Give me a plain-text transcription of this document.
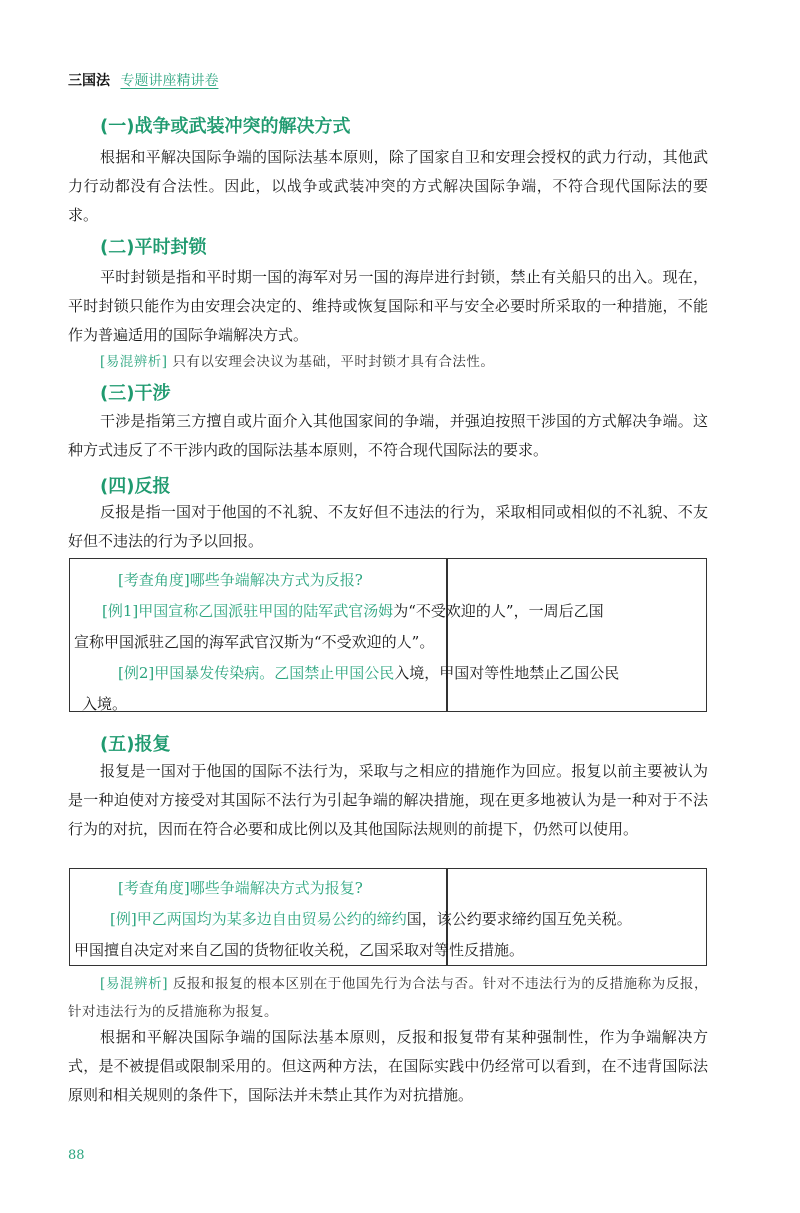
三国法 专题讲座精讲卷
(一)战争或武装冲突的解决方式

根据和平解决国际争端的国际法基本原则，除了国家自卫和安理会授权的武力行动，其他武力行动都没有合法性。因此，以战争或武装冲突的方式解决国际争端，不符合现代国际法的要求。

(二)平时封锁

平时封锁是指和平时期一国的海军对另一国的海岸进行封锁，禁止有关船只的出入。现在，平时封锁只能作为由安理会决定的、维持或恢复国际和平与安全必要时所采取的一种措施，不能作为普遍适用的国际争端解决方式。

[易混辨析] 只有以安理会决议为基础，平时封锁才具有合法性。

(三)干涉

干涉是指第三方擅自或片面介入其他国家间的争端，并强迫按照干涉国的方式解决争端。这种方式违反了不干涉内政的国际法基本原则，不符合现代国际法的要求。

(四)反报

反报是指一国对于他国的不礼貌、不友好但不违法的行为，采取相同或相似的不礼貌、不友好但不违法的行为予以回报。

[考查角度]哪些争端解决方式为反报?

[例1]甲国宣称乙国派驻甲国的陆军武官汤姆为“不受欢迎的人”，一周后乙国

宣称甲国派驻乙国的海军武官汉斯为“不受欢迎的人”。

[例2]甲国暴发传染病。乙国禁止甲国公民入境，甲国对等性地禁止乙国公民

入境。

(五)报复

报复是一国对于他国的国际不法行为，采取与之相应的措施作为回应。报复以前主要被认为是一种迫使对方接受对其国际不法行为引起争端的解决措施，现在更多地被认为是一种对于不法行为的对抗，因而在符合必要和成比例以及其他国际法规则的前提下，仍然可以使用。

[考查角度]哪些争端解决方式为报复?

[例]甲乙两国均为某多边自由贸易公约的缔约国，该公约要求缔约国互免关税。

甲国擅自决定对来自乙国的货物征收关税，乙国采取对等性反措施。

[易混辨析] 反报和报复的根本区别在于他国先行为合法与否。针对不违法行为的反措施称为反报，针对违法行为的反措施称为报复。

根据和平解决国际争端的国际法基本原则，反报和报复带有某种强制性，作为争端解决方式，是不被提倡或限制采用的。但这两种方法，在国际实践中仍经常可以看到，在不违背国际法原则和相关规则的条件下，国际法并未禁止其作为对抗措施。

88
